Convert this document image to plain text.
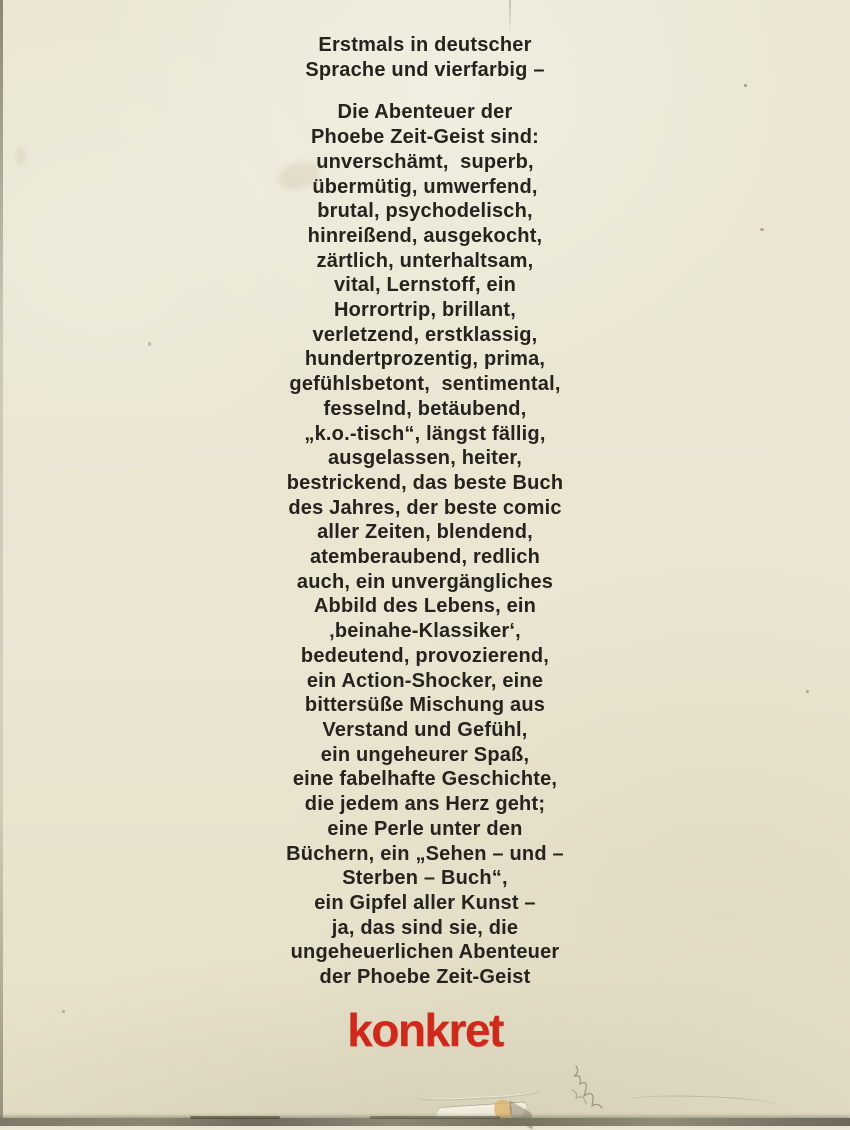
Erstmals in deutscher
Sprache und vierfarbig –
Die Abenteuer der
Phoebe Zeit-Geist sind:
unverschämt,  superb,
übermütig, umwerfend,
brutal, psychodelisch,
hinreißend, ausgekocht,
zärtlich, unterhaltsam,
vital, Lernstoff, ein
Horrortrip, brillant,
verletzend, erstklassig,
hundertprozentig, prima,
gefühlsbetont,  sentimental,
fesselnd, betäubend,
„k.o.-tisch“, längst fällig,
ausgelassen, heiter,
bestrickend, das beste Buch
des Jahres, der beste comic
aller Zeiten, blendend,
atemberaubend, redlich
auch, ein unvergängliches
Abbild des Lebens, ein
‚beinahe-Klassiker‘,
bedeutend, provozierend,
ein Action-Shocker, eine
bittersüße Mischung aus
Verstand und Gefühl,
ein ungeheurer Spaß,
eine fabelhafte Geschichte,
die jedem ans Herz geht;
eine Perle unter den
Büchern, ein „Sehen – und –
Sterben – Buch“,
ein Gipfel aller Kunst –
ja, das sind sie, die
ungeheuerlichen Abenteuer
der Phoebe Zeit-Geist
konkret
